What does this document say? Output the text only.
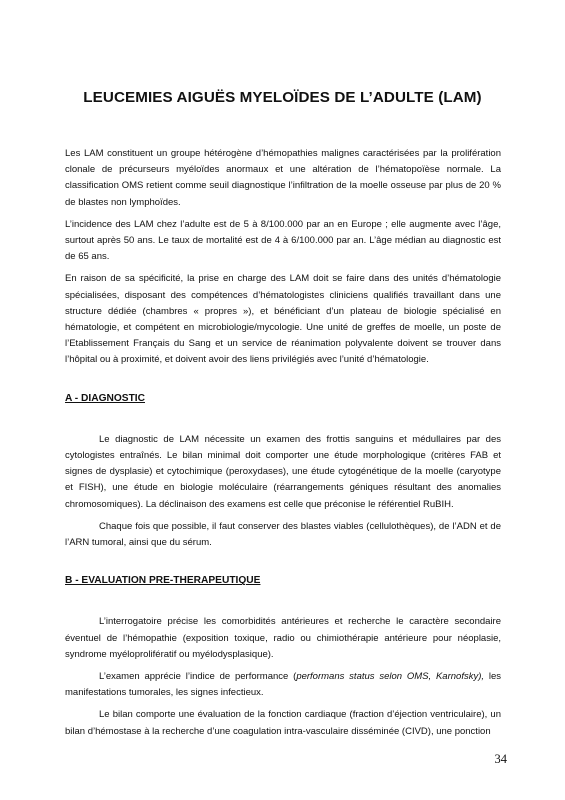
LEUCEMIES AIGUËS MYELOÏDES DE L’ADULTE (LAM)

Les LAM constituent un groupe hétérogène d’hémopathies malignes caractérisées par la prolifération clonale de précurseurs myéloïdes anormaux et une altération de l’hématopoïèse normale. La classification OMS retient comme seuil diagnostique l’infiltration de la moelle osseuse par plus de 20 % de blastes non lymphoïdes.

L’incidence des LAM chez l’adulte est de 5 à 8/100.000 par an en Europe ; elle augmente avec l’âge, surtout après 50 ans. Le taux de mortalité est de 4 à 6/100.000 par an. L’âge médian au diagnostic est de 65 ans.

En raison de sa spécificité, la prise en charge des LAM doit se faire dans des unités d’hématologie spécialisées, disposant des compétences d’hématologistes cliniciens qualifiés travaillant dans une structure dédiée (chambres « propres »), et bénéficiant d’un plateau de biologie spécialisé en hématologie, et compétent en microbiologie/mycologie. Une unité de greffes de moelle, un poste de l’Etablissement Français du Sang et un service de réanimation polyvalente doivent se trouver dans l’hôpital ou à proximité, et doivent avoir des liens privilégiés avec l’unité d’hématologie.

A - DIAGNOSTIC

Le diagnostic de LAM nécessite un examen des frottis sanguins et médullaires par des cytologistes entraînés. Le bilan minimal doit comporter une étude morphologique (critères FAB et signes de dysplasie) et cytochimique (peroxydases), une étude cytogénétique de la moelle (caryotype et FISH), une étude en biologie moléculaire (réarrangements géniques résultant des anomalies chromosomiques). La déclinaison des examens est celle que préconise le référentiel RuBIH.

Chaque fois que possible, il faut conserver des blastes viables (cellulothèques), de l’ADN et de l’ARN tumoral, ainsi que du sérum.

B - EVALUATION PRE-THERAPEUTIQUE

L’interrogatoire précise les comorbidités antérieures et recherche le caractère secondaire éventuel de l’hémopathie (exposition toxique, radio ou chimiothérapie antérieure pour néoplasie, syndrome myéloprolifératif ou myélodysplasique).

L’examen apprécie l’indice de performance (performans status selon OMS, Karnofsky), les manifestations tumorales, les signes infectieux.

Le bilan comporte une évaluation de la fonction cardiaque (fraction d’éjection ventriculaire), un bilan d’hémostase à la recherche d’une coagulation intra-vasculaire disséminée (CIVD), une ponction

34
